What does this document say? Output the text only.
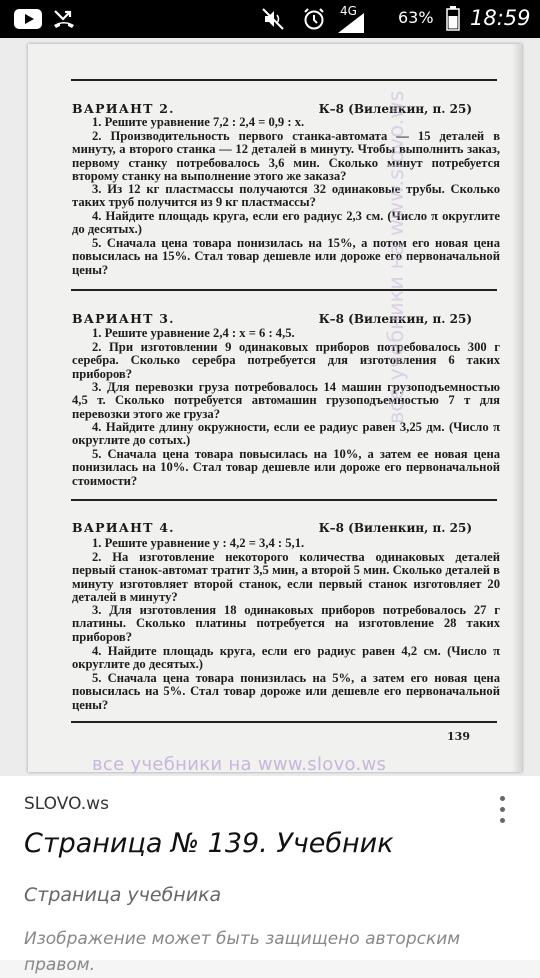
4G	63% 18:59
ВАРИАНТ 2.	К–8 (Виленкин, п. 25)
1. Решите уравнение 7,2 : 2,4 = 0,9 : x.
2. Производительность первого станка-автомата — 15 деталей в минуту, а второго станка — 12 деталей в минуту. Чтобы выполнить заказ, первому станку потребовалось 3,6 мин. Сколько минут потребуется второму станку на выполнение этого же заказа?
3. Из 12 кг пластмассы получаются 32 одинаковые трубы. Сколько таких труб получится из 9 кг пластмассы?
4. Найдите площадь круга, если его радиус 2,3 см. (Число π округлите до десятых.)
5. Сначала цена товара понизилась на 15%, а потом его новая цена повысилась на 15%. Стал товар дешевле или дороже его первоначальной цены?
ВАРИАНТ 3.	К–8 (Виленкин, п. 25)
1. Решите уравнение 2,4 : x = 6 : 4,5.
2. При изготовлении 9 одинаковых приборов потребовалось 300 г серебра. Сколько серебра потребуется для изготовления 6 таких приборов?
3. Для перевозки груза потребовалось 14 машин грузоподъемностью 4,5 т. Сколько потребуется автомашин грузоподъемностью 7 т для перевозки этого же груза?
4. Найдите длину окружности, если ее радиус равен 3,25 дм. (Число π округлите до сотых.)
5. Сначала цена товара повысилась на 10%, а затем ее новая цена понизилась на 10%. Стал товар дешевле или дороже его первоначальной стоимости?
ВАРИАНТ 4.	К–8 (Виленкин, п. 25)
1. Решите уравнение y : 4,2 = 3,4 : 5,1.
2. На изготовление некоторого количества одинаковых деталей первый станок-автомат тратит 3,5 мин, а второй 5 мин. Сколько деталей в минуту изготовляет второй станок, если первый станок изготовляет 20 деталей в минуту?
3. Для изготовления 18 одинаковых приборов потребовалось 27 г платины. Сколько платины потребуется на изготовление 28 таких приборов?
4. Найдите площадь круга, если его радиус равен 4,2 см. (Число π округлите до десятых.)
5. Сначала цена товара понизилась на 5%, а затем его новая цена повысилась на 5%. Стал товар дороже или дешевле его первоначальной цены?
139
все учебники на www.slovo.ws
все учебники на www.slovo.ws
SLOVO.ws
Страница № 139. Учебник
Страница учебника
Изображение может быть защищено авторским правом.
